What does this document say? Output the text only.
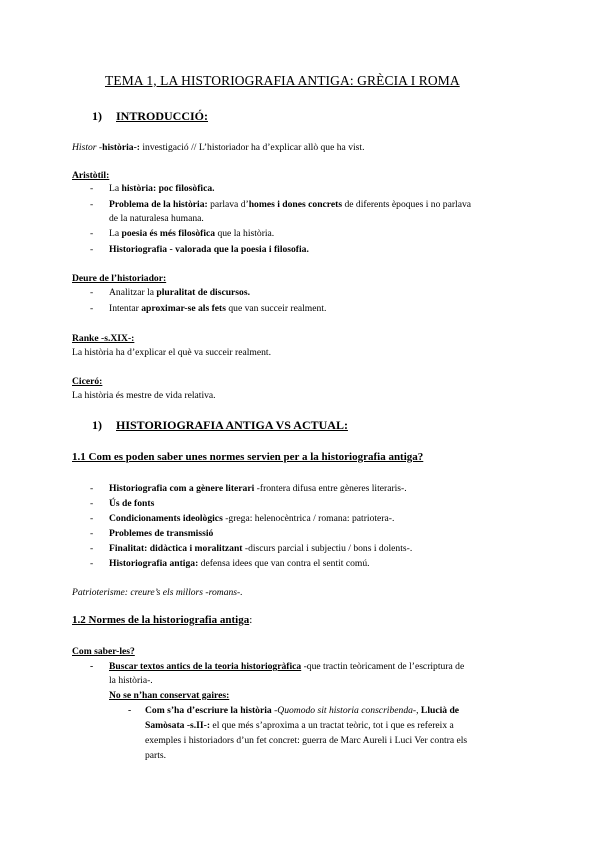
TEMA 1, LA HISTORIOGRAFIA ANTIGA: GRÈCIA I ROMA
1) INTRODUCCIÓ:
Histor -història-: investigació // L’historiador ha d’explicar allò que ha vist.
Aristòtil:
- La història: poc filosòfica.
- Problema de la història: parlava d’homes i dones concrets de diferents èpoques i no parlava
de la naturalesa humana.
- La poesia és més filosòfica que la història.
- Historiografia - valorada que la poesia i filosofia.
Deure de l’historiador:
- Analitzar la pluralitat de discursos.
- Intentar aproximar-se als fets que van succeir realment.
Ranke -s.XIX-:
La història ha d’explicar el què va succeir realment.
Ciceró:
La història és mestre de vida relativa.
1) HISTORIOGRAFIA ANTIGA VS ACTUAL:
1.1 Com es poden saber unes normes servien per a la historiografia antiga?
- Historiografia com a gènere literari -frontera difusa entre gèneres literaris-.
- Ús de fonts
- Condicionaments ideològics -grega: helenocèntrica / romana: patriotera-.
- Problemes de transmissió
- Finalitat: didàctica i moralitzant -discurs parcial i subjectiu / bons i dolents-.
- Historiografia antiga: defensa idees que van contra el sentit comú.
Patrioterisme: creure’s els millors -romans-.
1.2 Normes de la historiografia antiga:
Com saber-les?
- Buscar textos antics de la teoria historiogràfica -que tractin teòricament de l’escriptura de
la història-.
No se n’han conservat gaires:
- Com s’ha d’escriure la història -Quomodo sit historia conscribenda-, Llucià de
Samòsata -s.II-: el que més s’aproxima a un tractat teòric, tot i que es refereix a
exemples i historiadors d’un fet concret: guerra de Marc Aureli i Luci Ver contra els
parts.
